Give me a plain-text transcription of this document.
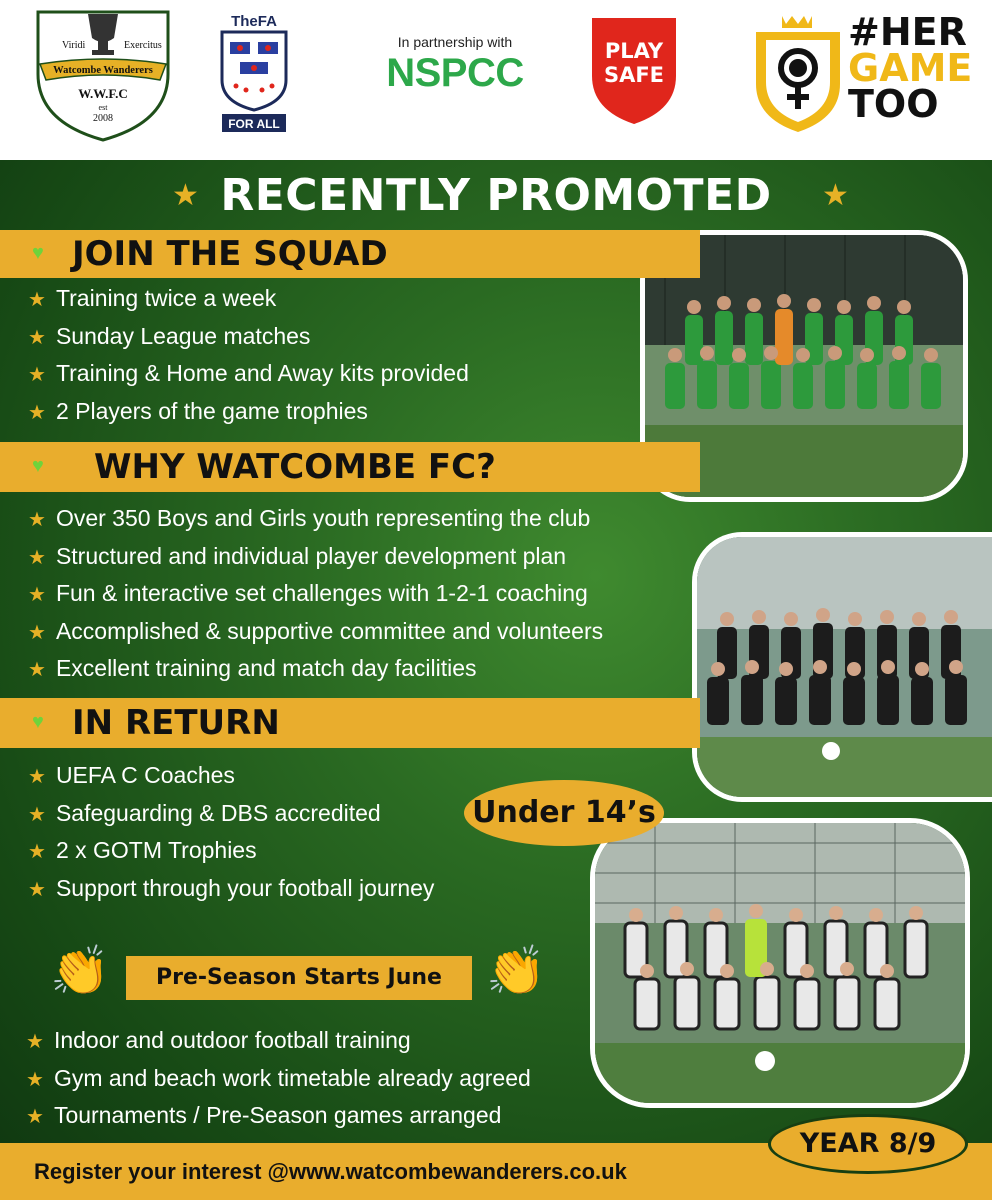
Viridi	Exercitus
Watcombe Wanderers
W.W.F.C
est
2008
TheFA
FOR ALL
In partnership with
NSPCC	PLAY
SAFE
#HER
GAME
TOO
★ RECENTLY PROMOTED ★
♥ JOIN THE SQUAD
★ Training twice a week
★ Sunday League matches
★ Training & Home and Away kits provided
★ 2 Players of the game trophies
♥ WHY WATCOMBE FC?
★ Over 350 Boys and Girls youth representing the club
★ Structured and individual player development plan
★ Fun & interactive set challenges with 1-2-1 coaching
★ Accomplished & supportive committee and volunteers
★ Excellent training and match day facilities
♥ IN RETURN
★ UEFA C Coaches
★ Safeguarding & DBS accredited
★ 2 x GOTM Trophies
★ Support through your football journey
Under 14’s
👏	Pre-Season Starts June 👏
★ Indoor and outdoor football training
★ Gym and beach work timetable already agreed
★ Tournaments / Pre-Season games arranged
Register your interest @www.watcombewanderers.co.uk
YEAR 8/9
